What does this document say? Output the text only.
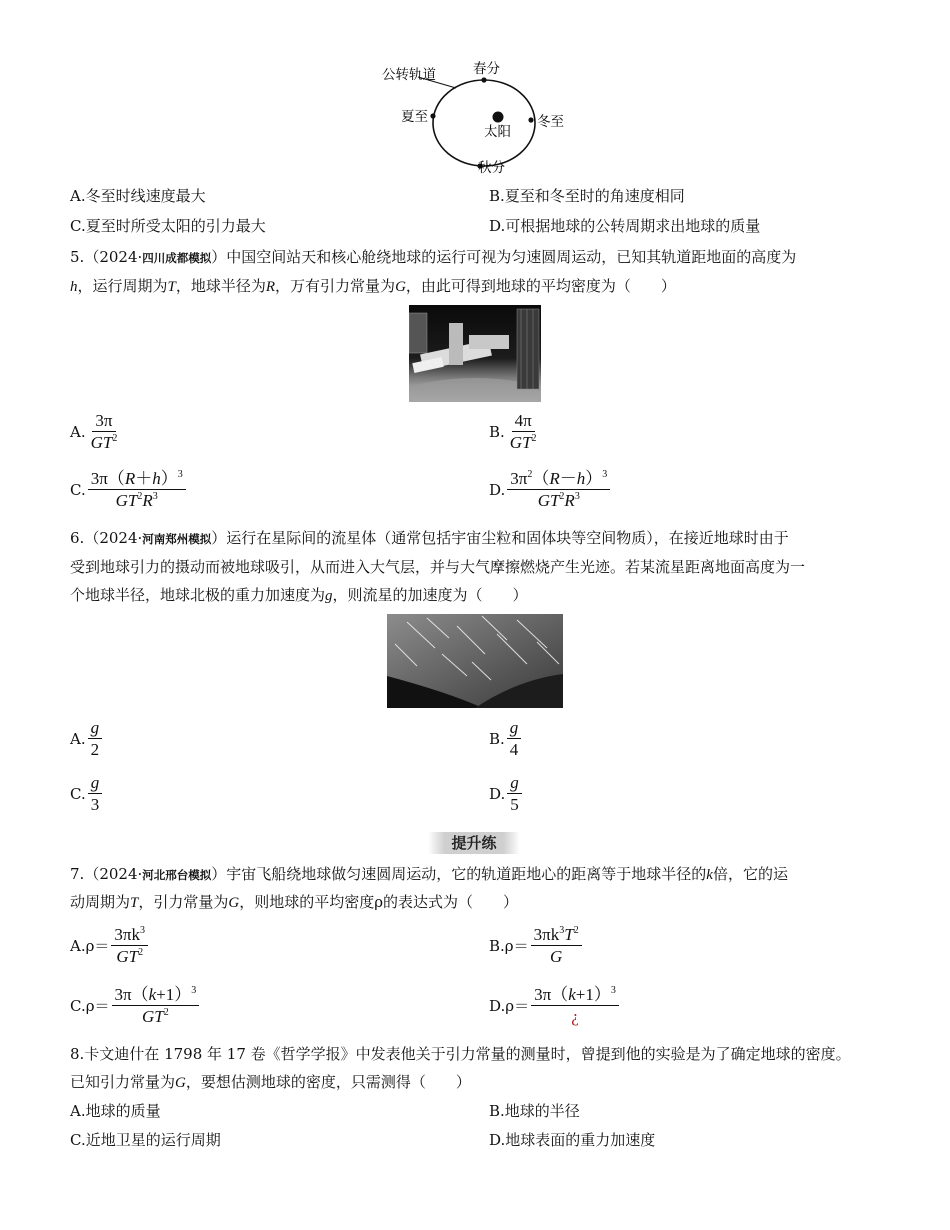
公转轨道	春分
夏至	冬至
秋分
太阳
A.冬至时线速度最大	B.夏至和冬至时的角速度相同
C.夏至时所受太阳的引力最大	D.可根据地球的公转周期求出地球的质量
5.（2024·四川成都模拟）中国空间站天和核心舱绕地球的运行可视为匀速圆周运动，已知其轨道距地面的高度为
h，运行周期为T，地球半径为R，万有引力常量为G，由此可得到地球的平均密度为（　　）
A. $\frac{3\pi}{GT^2}$	B. $\frac{4\pi}{GT^2}$
C. $\frac{3\pi(R+h)^3}{GT^2R^3}$	D. $\frac{3\pi^2(R-h)^3}{GT^2R^3}$
6.（2024·河南郑州模拟）运行在星际间的流星体（通常包括宇宙尘粒和固体块等空间物质），在接近地球时由于
受到地球引力的摄动而被地球吸引，从而进入大气层，并与大气摩擦燃烧产生光迹。若某流星距离地面高度为一
个地球半径，地球北极的重力加速度为g，则流星的加速度为（　　）
A. $\frac{g}{2}$	B. $\frac{g}{4}$
C. $\frac{g}{3}$	D. $\frac{g}{5}$
提升练
7.（2024·河北邢台模拟）宇宙飞船绕地球做匀速圆周运动，它的轨道距地心的距离等于地球半径的k倍，它的运
动周期为T，引力常量为G，则地球的平均密度ρ的表达式为（　　）
$A.\rho= \frac{3\pi k^3}{GT^2}$	$B.\rho= \frac{3\pi k^3T^2}{G}$
$C.\rho= \frac{3\pi(k+1)^3}{GT^2}$	$D.\rho= \frac{3\pi(k+1)^3}{¿}$
8.卡文迪什在 1798 年 17 卷《哲学学报》中发表他关于引力常量的测量时，曾提到他的实验是为了确定地球的密度。
已知引力常量为G，要想估测地球的密度，只需测得（　　）
A.地球的质量	B.地球的半径
C.近地卫星的运行周期	D.地球表面的重力加速度
